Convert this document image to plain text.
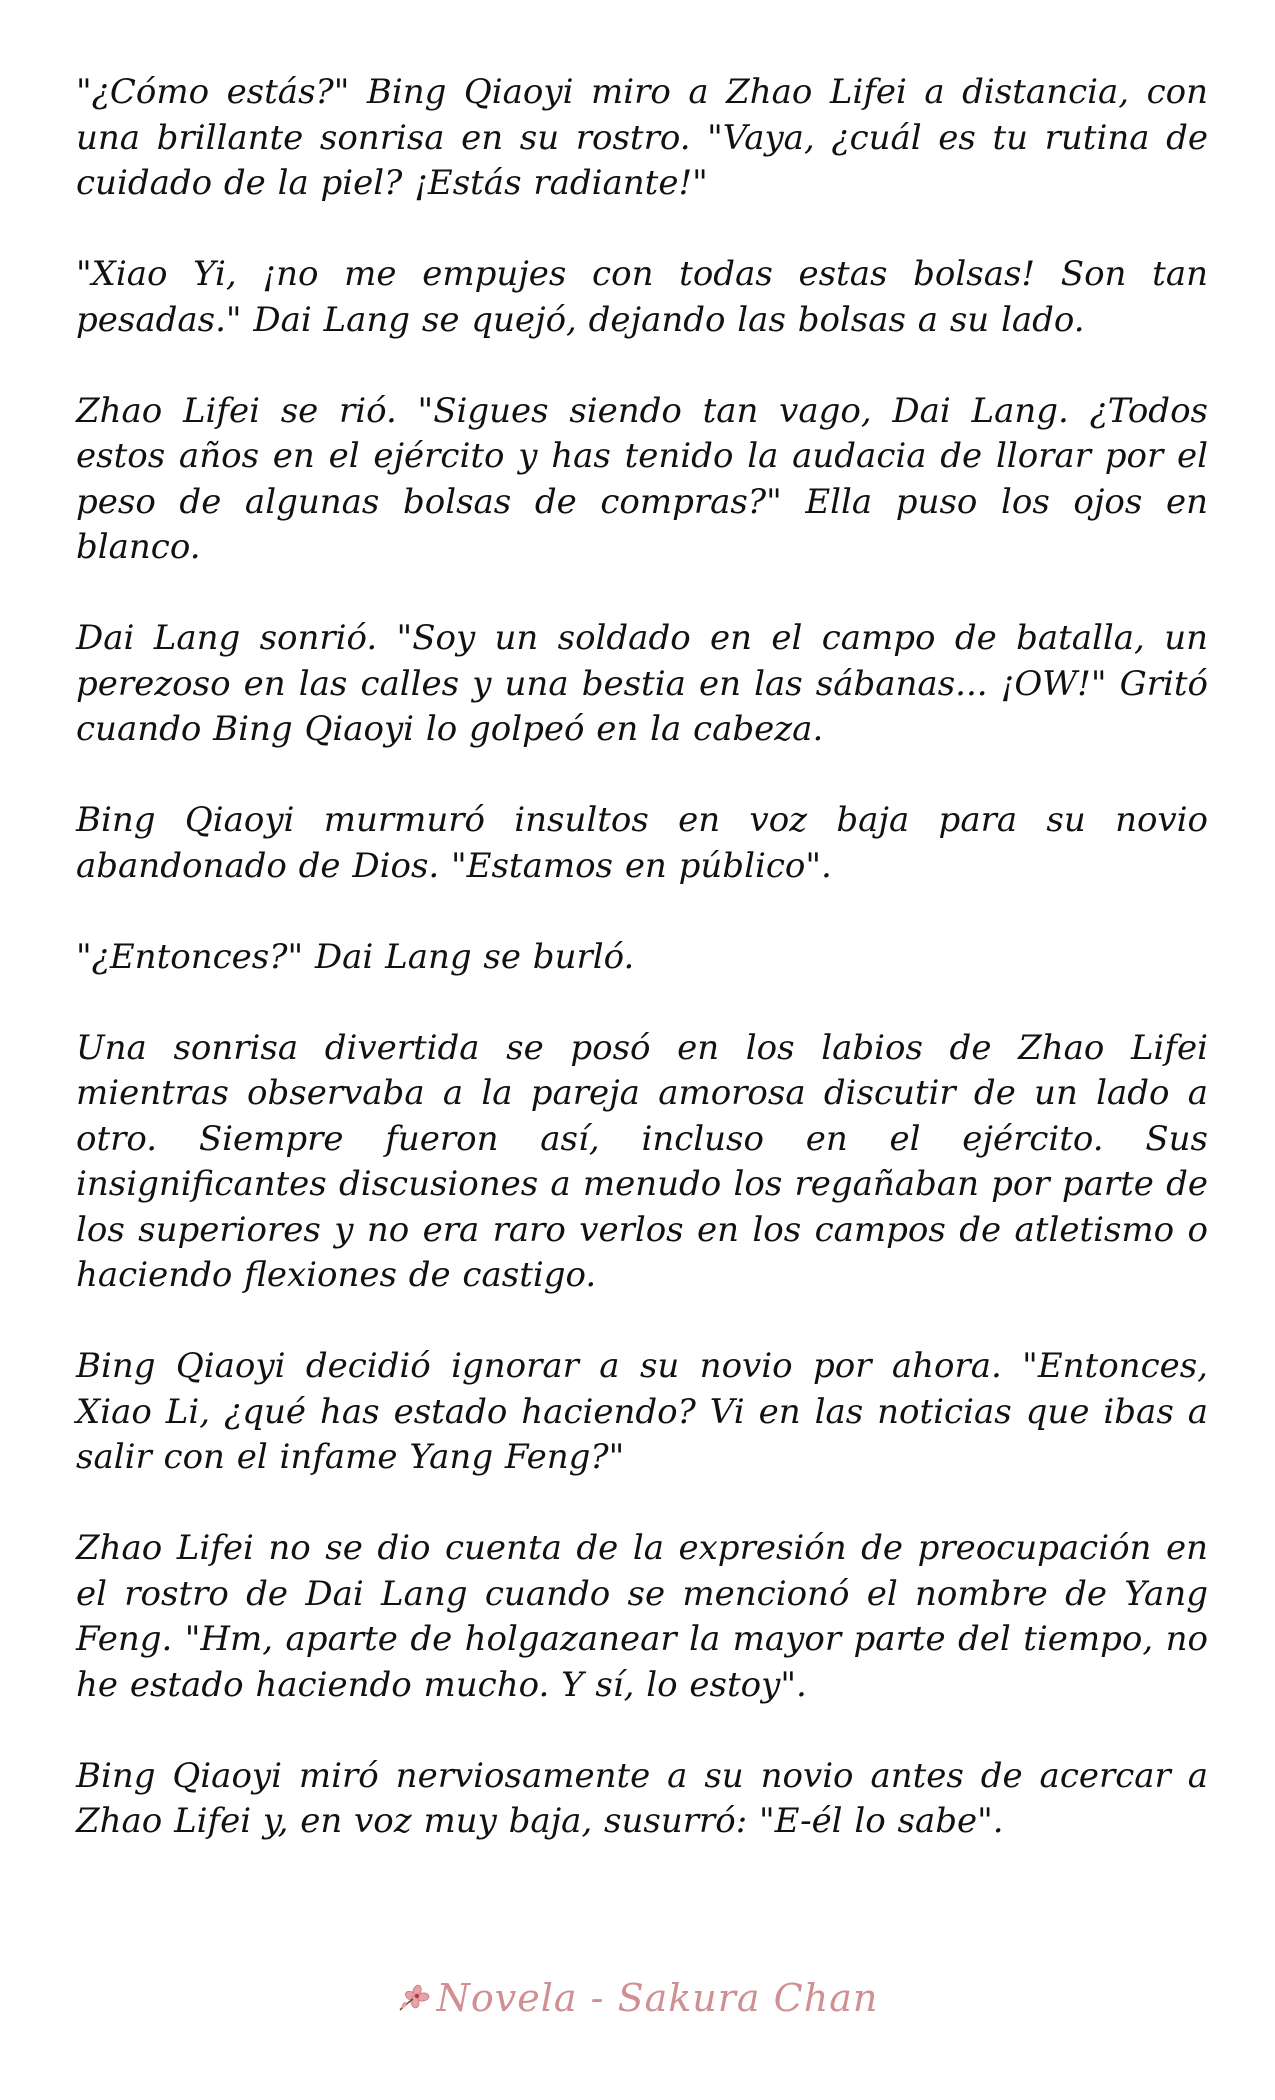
"¿Cómo estás?" Bing Qiaoyi miro a Zhao Lifei a distancia, con una brillante sonrisa en su rostro. "Vaya, ¿cuál es tu rutina de cuidado de la piel? ¡Estás radiante!"

"Xiao Yi, ¡no me empujes con todas estas bolsas! Son tan pesadas." Dai Lang se quejó, dejando las bolsas a su lado.

Zhao Lifei se rió. "Sigues siendo tan vago, Dai Lang. ¿Todos estos años en el ejército y has tenido la audacia de llorar por el peso de algunas bolsas de compras?" Ella puso los ojos en blanco.

Dai Lang sonrió. "Soy un soldado en el campo de batalla, un perezoso en las calles y una bestia en las sábanas... ¡OW!" Gritó cuando Bing Qiaoyi lo golpeó en la cabeza.

Bing Qiaoyi murmuró insultos en voz baja para su novio abandonado de Dios. "Estamos en público".

"¿Entonces?" Dai Lang se burló.

Una sonrisa divertida se posó en los labios de Zhao Lifei mientras observaba a la pareja amorosa discutir de un lado a otro. Siempre fueron así, incluso en el ejército. Sus insignificantes discusiones a menudo los regañaban por parte de los superiores y no era raro verlos en los campos de atletismo o haciendo flexiones de castigo.

Bing Qiaoyi decidió ignorar a su novio por ahora. "Entonces, Xiao Li, ¿qué has estado haciendo? Vi en las noticias que ibas a salir con el infame Yang Feng?"

Zhao Lifei no se dio cuenta de la expresión de preocupación en el rostro de Dai Lang cuando se mencionó el nombre de Yang Feng. "Hm, aparte de holgazanear la mayor parte del tiempo, no he estado haciendo mucho. Y sí, lo estoy".

Bing Qiaoyi miró nerviosamente a su novio antes de acercar a Zhao Lifei y, en voz muy baja, susurró: "E-él lo sabe".

Novela - Sakura Chan
